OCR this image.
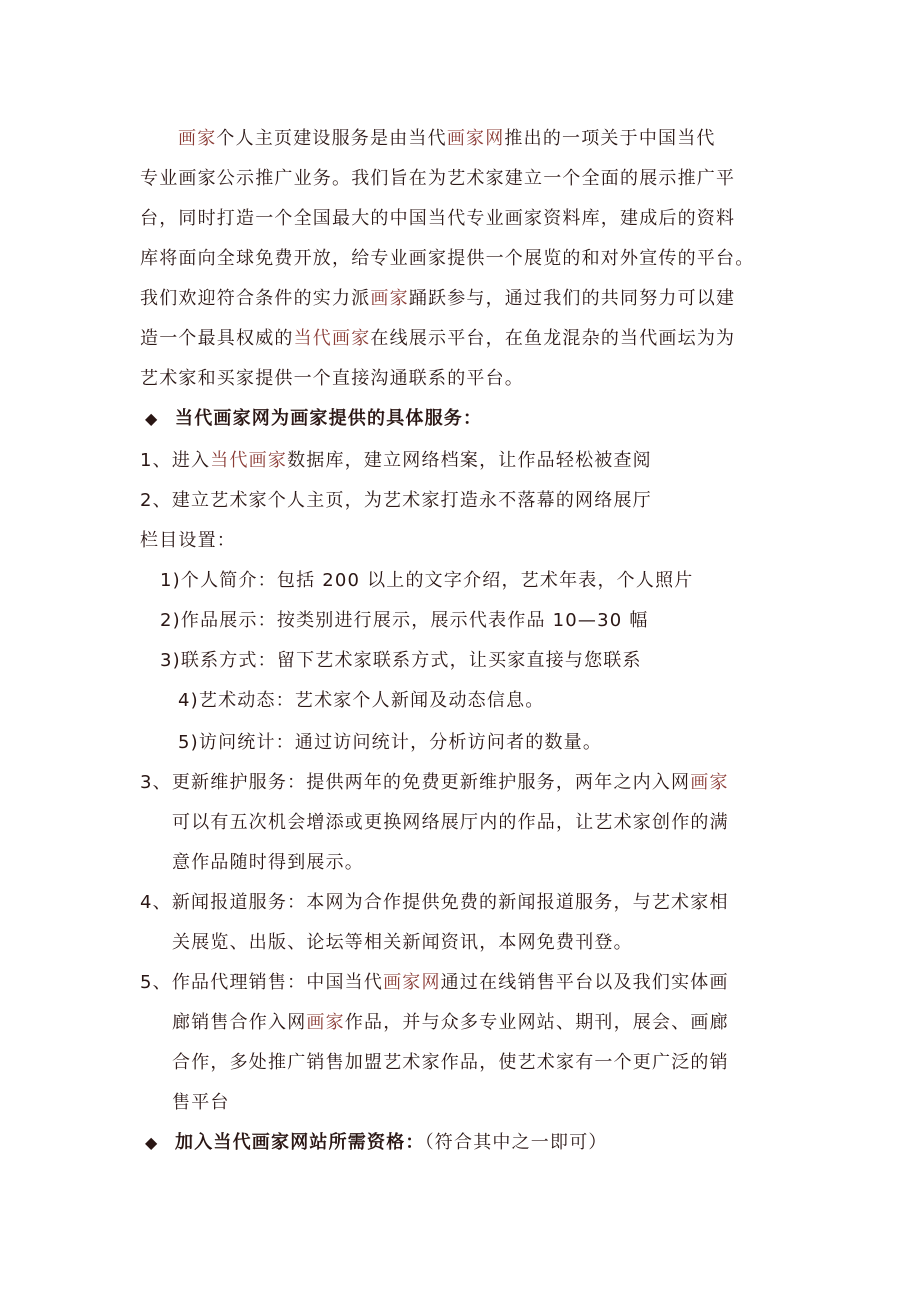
画家个人主页建设服务是由当代画家网推出的一项关于中国当代
专业画家公示推广业务。我们旨在为艺术家建立一个全面的展示推广平
台，同时打造一个全国最大的中国当代专业画家资料库，建成后的资料
库将面向全球免费开放，给专业画家提供一个展览的和对外宣传的平台。
我们欢迎符合条件的实力派画家踊跃参与，通过我们的共同努力可以建
造一个最具权威的当代画家在线展示平台，在鱼龙混杂的当代画坛为为
艺术家和买家提供一个直接沟通联系的平台。
◆ 当代画家网为画家提供的具体服务：
1、进入当代画家数据库，建立网络档案，让作品轻松被查阅
2、建立艺术家个人主页，为艺术家打造永不落幕的网络展厅
栏目设置：
1)个人简介：包括 200 以上的文字介绍，艺术年表，个人照片
2)作品展示：按类别进行展示，展示代表作品 10—30 幅
3)联系方式：留下艺术家联系方式，让买家直接与您联系
4)艺术动态：艺术家个人新闻及动态信息。
5)访问统计：通过访问统计，分析访问者的数量。
3、更新维护服务：提供两年的免费更新维护服务，两年之内入网画家
可以有五次机会增添或更换网络展厅内的作品，让艺术家创作的满
意作品随时得到展示。
4、新闻报道服务：本网为合作提供免费的新闻报道服务，与艺术家相
关展览、出版、论坛等相关新闻资讯，本网免费刊登。
5、作品代理销售：中国当代画家网通过在线销售平台以及我们实体画
廊销售合作入网画家作品，并与众多专业网站、期刊，展会、画廊
合作，多处推广销售加盟艺术家作品，使艺术家有一个更广泛的销
售平台
◆ 加入当代画家网站所需资格：（符合其中之一即可）
